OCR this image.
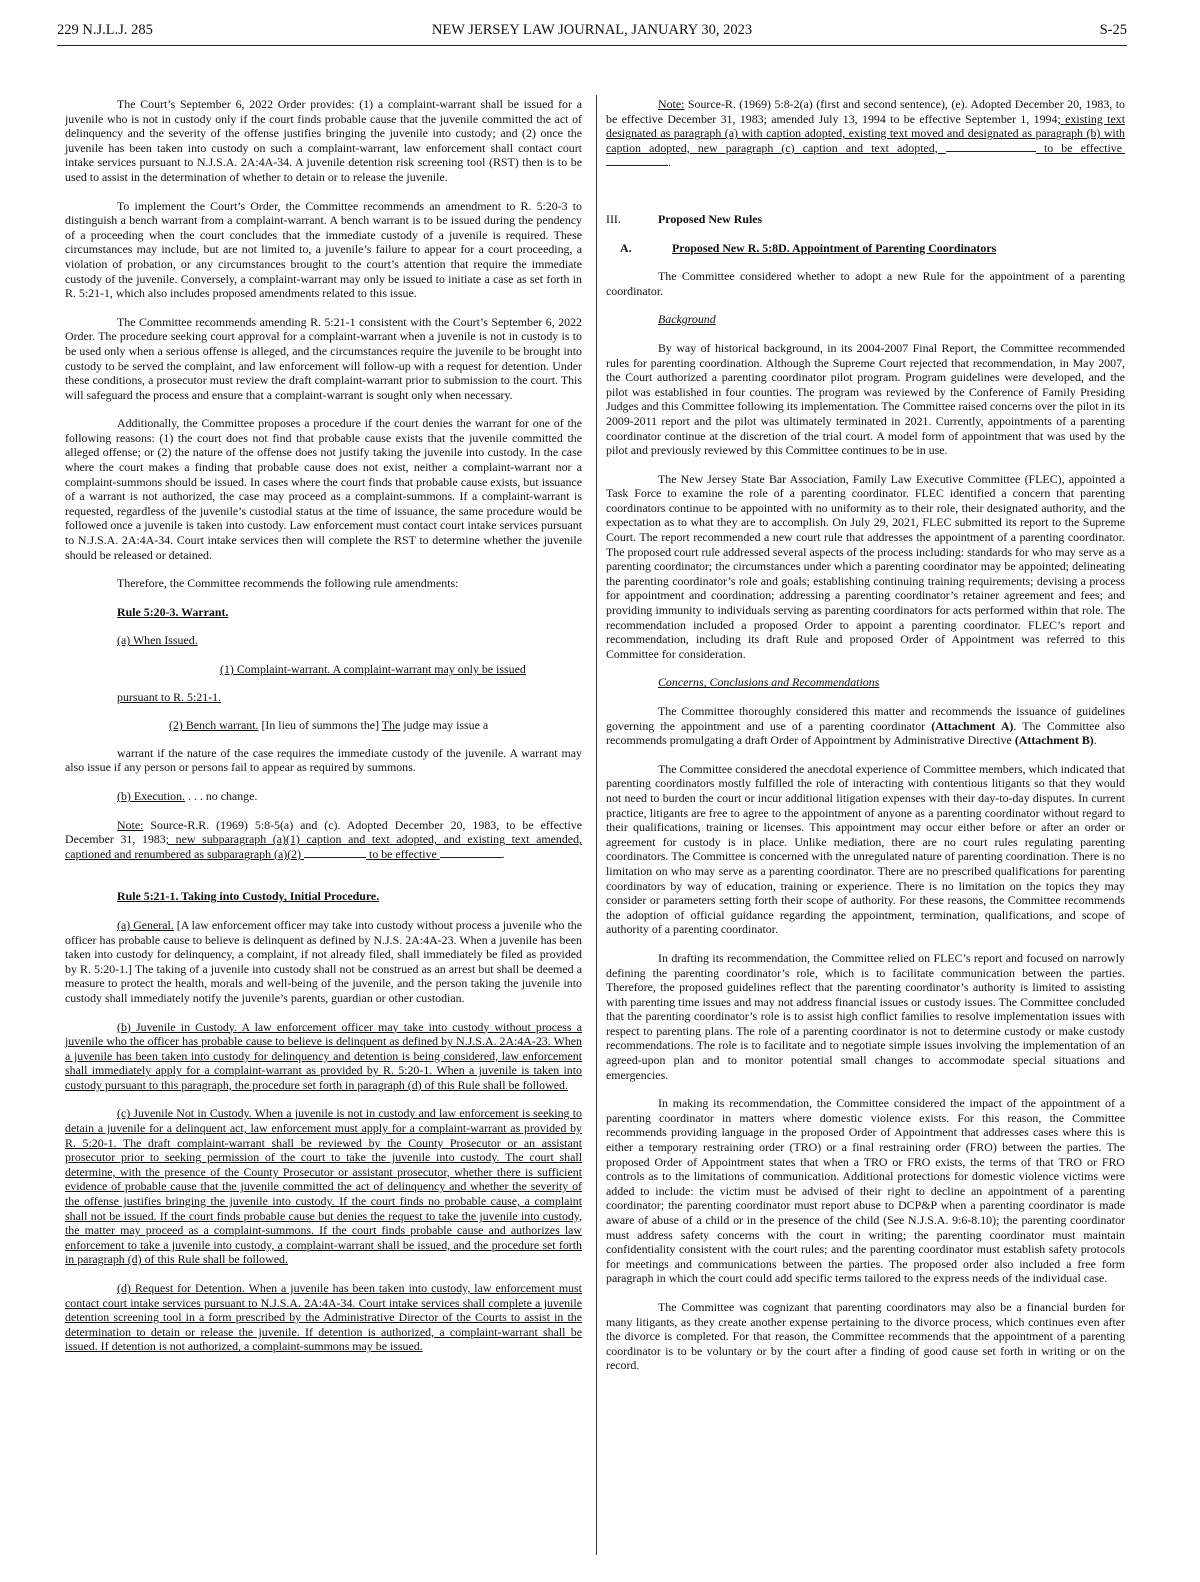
229 N.J.L.J. 285	NEW JERSEY LAW JOURNAL, JANUARY 30, 2023	S-25

The Court’s September 6, 2022 Order provides: (1) a complaint-warrant shall be issued for a juvenile who is not in custody only if the court finds probable cause that the juvenile committed the act of delinquency and the severity of the offense justifies bringing the juvenile into custody; and (2) once the juvenile has been taken into custody on such a complaint-warrant, law enforcement shall contact court intake services pursuant to N.J.S.A. 2A:4A-34. A juvenile detention risk screening tool (RST) then is to be used to assist in the determination of whether to detain or to release the juvenile.

To implement the Court’s Order, the Committee recommends an amendment to R. 5:20-3 to distinguish a bench warrant from a complaint-warrant. A bench warrant is to be issued during the pendency of a proceeding when the court concludes that the immediate custody of a juvenile is required. These circumstances may include, but are not limited to, a juvenile’s failure to appear for a court proceeding, a violation of probation, or any circumstances brought to the court’s attention that require the immediate custody of the juvenile. Conversely, a complaint-warrant may only be issued to initiate a case as set forth in R. 5:21-1, which also includes proposed amendments related to this issue.

The Committee recommends amending R. 5:21-1 consistent with the Court’s September 6, 2022 Order. The procedure seeking court approval for a complaint-warrant when a juvenile is not in custody is to be used only when a serious offense is alleged, and the circumstances require the juvenile to be brought into custody to be served the complaint, and law enforcement will follow-up with a request for detention. Under these conditions, a prosecutor must review the draft complaint-warrant prior to submission to the court. This will safeguard the process and ensure that a complaint-warrant is sought only when necessary.

Additionally, the Committee proposes a procedure if the court denies the warrant for one of the following reasons: (1) the court does not find that probable cause exists that the juvenile committed the alleged offense; or (2) the nature of the offense does not justify taking the juvenile into custody. In the case where the court makes a finding that probable cause does not exist, neither a complaint-warrant nor a complaint-summons should be issued. In cases where the court finds that probable cause exists, but issuance of a warrant is not authorized, the case may proceed as a complaint-summons. If a complaint-warrant is requested, regardless of the juvenile’s custodial status at the time of issuance, the same procedure would be followed once a juvenile is taken into custody. Law enforcement must contact court intake services pursuant to N.J.S.A. 2A:4A-34. Court intake services then will complete the RST to determine whether the juvenile should be released or detained.

Therefore, the Committee recommends the following rule amendments:

Rule 5:20-3. Warrant.

(a) When Issued.

(1) Complaint-warrant. A complaint-warrant may only be issued

pursuant to R. 5:21-1.

(2) Bench warrant. [In lieu of summons the] The judge may issue a

warrant if the nature of the case requires the immediate custody of the juvenile. A warrant may also issue if any person or persons fail to appear as required by summons.

(b) Execution. . . . no change.

Note: Source-R.R. (1969) 5:8-5(a) and (c). Adopted December 20, 1983, to be effective December 31, 1983; new subparagraph (a)(1) caption and text adopted, and existing text amended, captioned and renumbered as subparagraph (a)(2)	to be effective	.

Rule 5:21-1. Taking into Custody, Initial Procedure.

(a) General. [A law enforcement officer may take into custody without process a juvenile who the officer has probable cause to believe is delinquent as defined by N.J.S. 2A:4A-23. When a juvenile has been taken into custody for delinquency, a complaint, if not already filed, shall immediately be filed as provided by R. 5:20-1.] The taking of a juvenile into custody shall not be construed as an arrest but shall be deemed a measure to protect the health, morals and well-being of the juvenile, and the person taking the juvenile into custody shall immediately notify the juvenile’s parents, guardian or other custodian.

(b) Juvenile in Custody. A law enforcement officer may take into custody without process a juvenile who the officer has probable cause to believe is delinquent as defined by N.J.S.A. 2A:4A-23. When a juvenile has been taken into custody for delinquency and detention is being considered, law enforcement shall immediately apply for a complaint-warrant as provided by R. 5:20-1. When a juvenile is taken into custody pursuant to this paragraph, the procedure set forth in paragraph (d) of this Rule shall be followed.

(c) Juvenile Not in Custody. When a juvenile is not in custody and law enforcement is seeking to detain a juvenile for a delinquent act, law enforcement must apply for a complaint-warrant as provided by R. 5:20-1. The draft complaint-warrant shall be reviewed by the County Prosecutor or an assistant prosecutor prior to seeking permission of the court to take the juvenile into custody. The court shall determine, with the presence of the County Prosecutor or assistant prosecutor, whether there is sufficient evidence of probable cause that the juvenile committed the act of delinquency and whether the severity of the offense justifies bringing the juvenile into custody. If the court finds no probable cause, a complaint shall not be issued. If the court finds probable cause but denies the request to take the juvenile into custody, the matter may proceed as a complaint-summons. If the court finds probable cause and authorizes law enforcement to take a juvenile into custody, a complaint-warrant shall be issued, and the procedure set forth in paragraph (d) of this Rule shall be followed.

(d) Request for Detention. When a juvenile has been taken into custody, law enforcement must contact court intake services pursuant to N.J.S.A. 2A:4A-34. Court intake services shall complete a juvenile detention screening tool in a form prescribed by the Administrative Director of the Courts to assist in the determination to detain or release the juvenile. If detention is authorized, a complaint-warrant shall be issued. If detention is not authorized, a complaint-summons may be issued.

Note: Source-R. (1969) 5:8-2(a) (first and second sentence), (e). Adopted December 20, 1983, to be effective December 31, 1983; amended July 13, 1994 to be effective September 1, 1994; existing text designated as paragraph (a) with caption adopted, existing text moved and designated as paragraph (b) with caption adopted, new paragraph (c) caption and text adopted,	to be effective .

III.	Proposed New Rules
A.	Proposed New R. 5:8D. Appointment of Parenting Coordinators

The Committee considered whether to adopt a new Rule for the appointment of a parenting coordinator.

Background

By way of historical background, in its 2004-2007 Final Report, the Committee recommended rules for parenting coordination. Although the Supreme Court rejected that recommendation, in May 2007, the Court authorized a parenting coordinator pilot program. Program guidelines were developed, and the pilot was established in four counties. The program was reviewed by the Conference of Family Presiding Judges and this Committee following its implementation. The Committee raised concerns over the pilot in its 2009-2011 report and the pilot was ultimately terminated in 2021. Currently, appointments of a parenting coordinator continue at the discretion of the trial court. A model form of appointment that was used by the pilot and previously reviewed by this Committee continues to be in use.

The New Jersey State Bar Association, Family Law Executive Committee (FLEC), appointed a Task Force to examine the role of a parenting coordinator. FLEC identified a concern that parenting coordinators continue to be appointed with no uniformity as to their role, their designated authority, and the expectation as to what they are to accomplish. On July 29, 2021, FLEC submitted its report to the Supreme Court. The report recommended a new court rule that addresses the appointment of a parenting coordinator. The proposed court rule addressed several aspects of the process including: standards for who may serve as a parenting coordinator; the circumstances under which a parenting coordinator may be appointed; delineating the parenting coordinator’s role and goals; establishing continuing training requirements; devising a process for appointment and coordination; addressing a parenting coordinator’s retainer agreement and fees; and providing immunity to individuals serving as parenting coordinators for acts performed within that role. The recommendation included a proposed Order to appoint a parenting coordinator. FLEC’s report and recommendation, including its draft Rule and proposed Order of Appointment was referred to this Committee for consideration.

Concerns, Conclusions and Recommendations

The Committee thoroughly considered this matter and recommends the issuance of guidelines governing the appointment and use of a parenting coordinator (Attachment A). The Committee also recommends promulgating a draft Order of Appointment by Administrative Directive (Attachment B).

The Committee considered the anecdotal experience of Committee members, which indicated that parenting coordinators mostly fulfilled the role of interacting with contentious litigants so that they would not need to burden the court or incur additional litigation expenses with their day-to-day disputes. In current practice, litigants are free to agree to the appointment of anyone as a parenting coordinator without regard to their qualifications, training or licenses. This appointment may occur either before or after an order or agreement for custody is in place. Unlike mediation, there are no court rules regulating parenting coordinators. The Committee is concerned with the unregulated nature of parenting coordination. There is no limitation on who may serve as a parenting coordinator. There are no prescribed qualifications for parenting coordinators by way of education, training or experience. There is no limitation on the topics they may consider or parameters setting forth their scope of authority. For these reasons, the Committee recommends the adoption of official guidance regarding the appointment, termination, qualifications, and scope of authority of a parenting coordinator.

In drafting its recommendation, the Committee relied on FLEC’s report and focused on narrowly defining the parenting coordinator’s role, which is to facilitate communication between the parties. Therefore, the proposed guidelines reflect that the parenting coordinator’s authority is limited to assisting with parenting time issues and may not address financial issues or custody issues. The Committee concluded that the parenting coordinator’s role is to assist high conflict families to resolve implementation issues with respect to parenting plans. The role of a parenting coordinator is not to determine custody or make custody recommendations. The role is to facilitate and to negotiate simple issues involving the implementation of an agreed-upon plan and to monitor potential small changes to accommodate special situations and emergencies.

In making its recommendation, the Committee considered the impact of the appointment of a parenting coordinator in matters where domestic violence exists. For this reason, the Committee recommends providing language in the proposed Order of Appointment that addresses cases where this is either a temporary restraining order (TRO) or a final restraining order (FRO) between the parties. The proposed Order of Appointment states that when a TRO or FRO exists, the terms of that TRO or FRO controls as to the limitations of communication. Additional protections for domestic violence victims were added to include: the victim must be advised of their right to decline an appointment of a parenting coordinator; the parenting coordinator must report abuse to DCP&P when a parenting coordinator is made aware of abuse of a child or in the presence of the child (See N.J.S.A. 9:6-8.10); the parenting coordinator must address safety concerns with the court in writing; the parenting coordinator must maintain confidentiality consistent with the court rules; and the parenting coordinator must establish safety protocols for meetings and communications between the parties. The proposed order also included a free form paragraph in which the court could add specific terms tailored to the express needs of the individual case.

The Committee was cognizant that parenting coordinators may also be a financial burden for many litigants, as they create another expense pertaining to the divorce process, which continues even after the divorce is completed. For that reason, the Committee recommends that the appointment of a parenting coordinator is to be voluntary or by the court after a finding of good cause set forth in writing or on the record.
